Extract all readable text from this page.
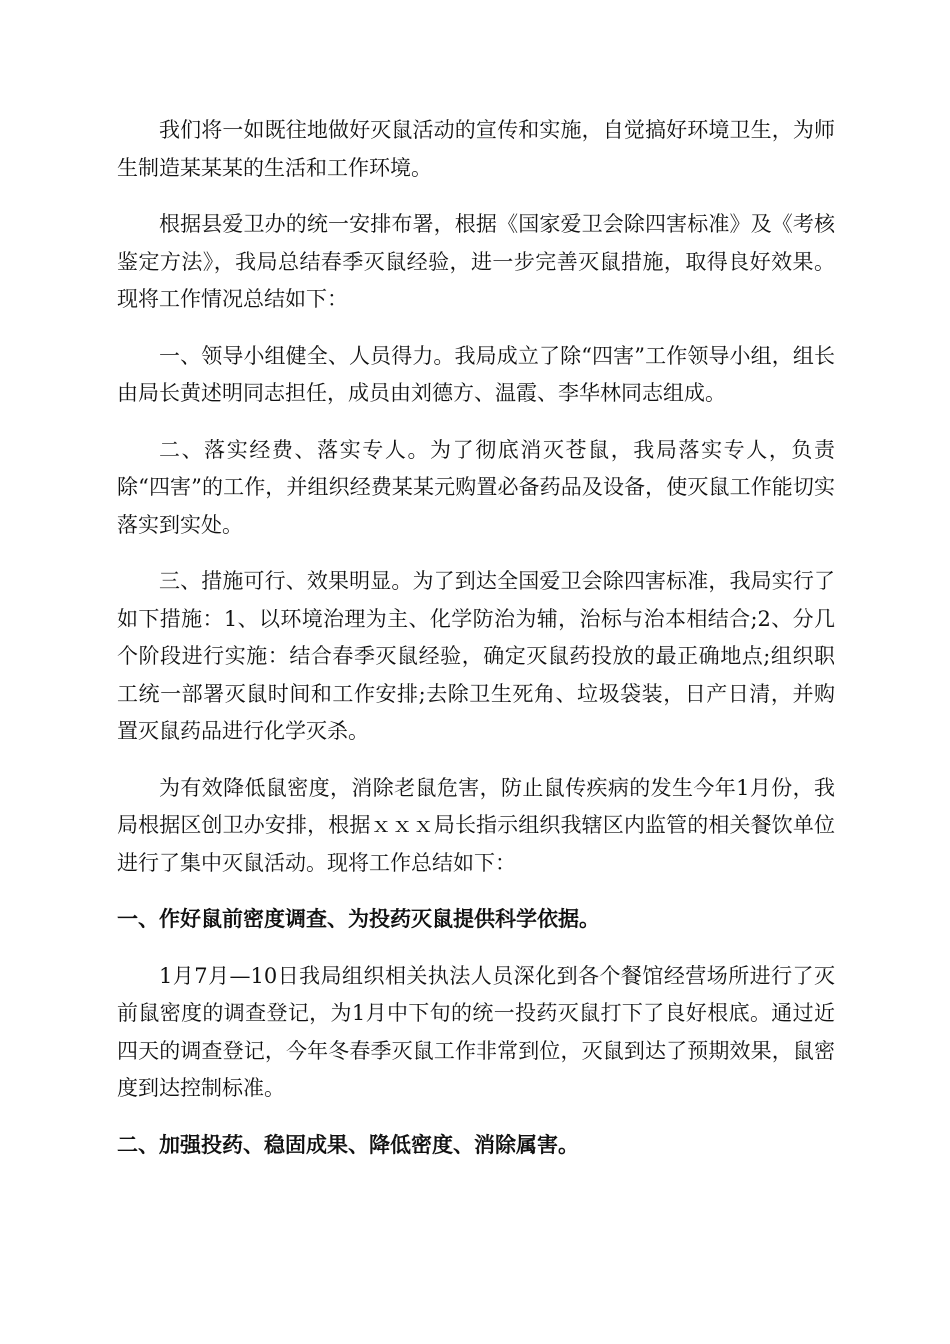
我们将一如既往地做好灭鼠活动的宣传和实施，自觉搞好环境卫生，为师生制造某某某的生活和工作环境。

根据县爱卫办的统一安排布署，根据《国家爱卫会除四害标准》及《考核鉴定方法》，我局总结春季灭鼠经验，进一步完善灭鼠措施，取得良好效果。现将工作情况总结如下：

一、领导小组健全、人员得力。我局成立了除“四害”工作领导小组，组长由局长黄述明同志担任，成员由刘德方、温霞、李华林同志组成。

二、落实经费、落实专人。为了彻底消灭苍鼠，我局落实专人，负责除“四害”的工作，并组织经费某某元购置必备药品及设备，使灭鼠工作能切实落实到实处。

三、措施可行、效果明显。为了到达全国爱卫会除四害标准，我局实行了如下措施：1、以环境治理为主、化学防治为辅，治标与治本相结合;2、分几个阶段进行实施：结合春季灭鼠经验，确定灭鼠药投放的最正确地点;组织职工统一部署灭鼠时间和工作安排;去除卫生死角、垃圾袋装，日产日清，并购置灭鼠药品进行化学灭杀。

为有效降低鼠密度，消除老鼠危害，防止鼠传疾病的发生今年1月份，我局根据区创卫办安排，根据ｘｘｘ局长指示组织我辖区内监管的相关餐饮单位进行了集中灭鼠活动。现将工作总结如下：

一、作好鼠前密度调查、为投药灭鼠提供科学依据。

1月7月—10日我局组织相关执法人员深化到各个餐馆经营场所进行了灭前鼠密度的调查登记，为1月中下旬的统一投药灭鼠打下了良好根底。通过近四天的调查登记，今年冬春季灭鼠工作非常到位，灭鼠到达了预期效果，鼠密度到达控制标准。

二、加强投药、稳固成果、降低密度、消除属害。
